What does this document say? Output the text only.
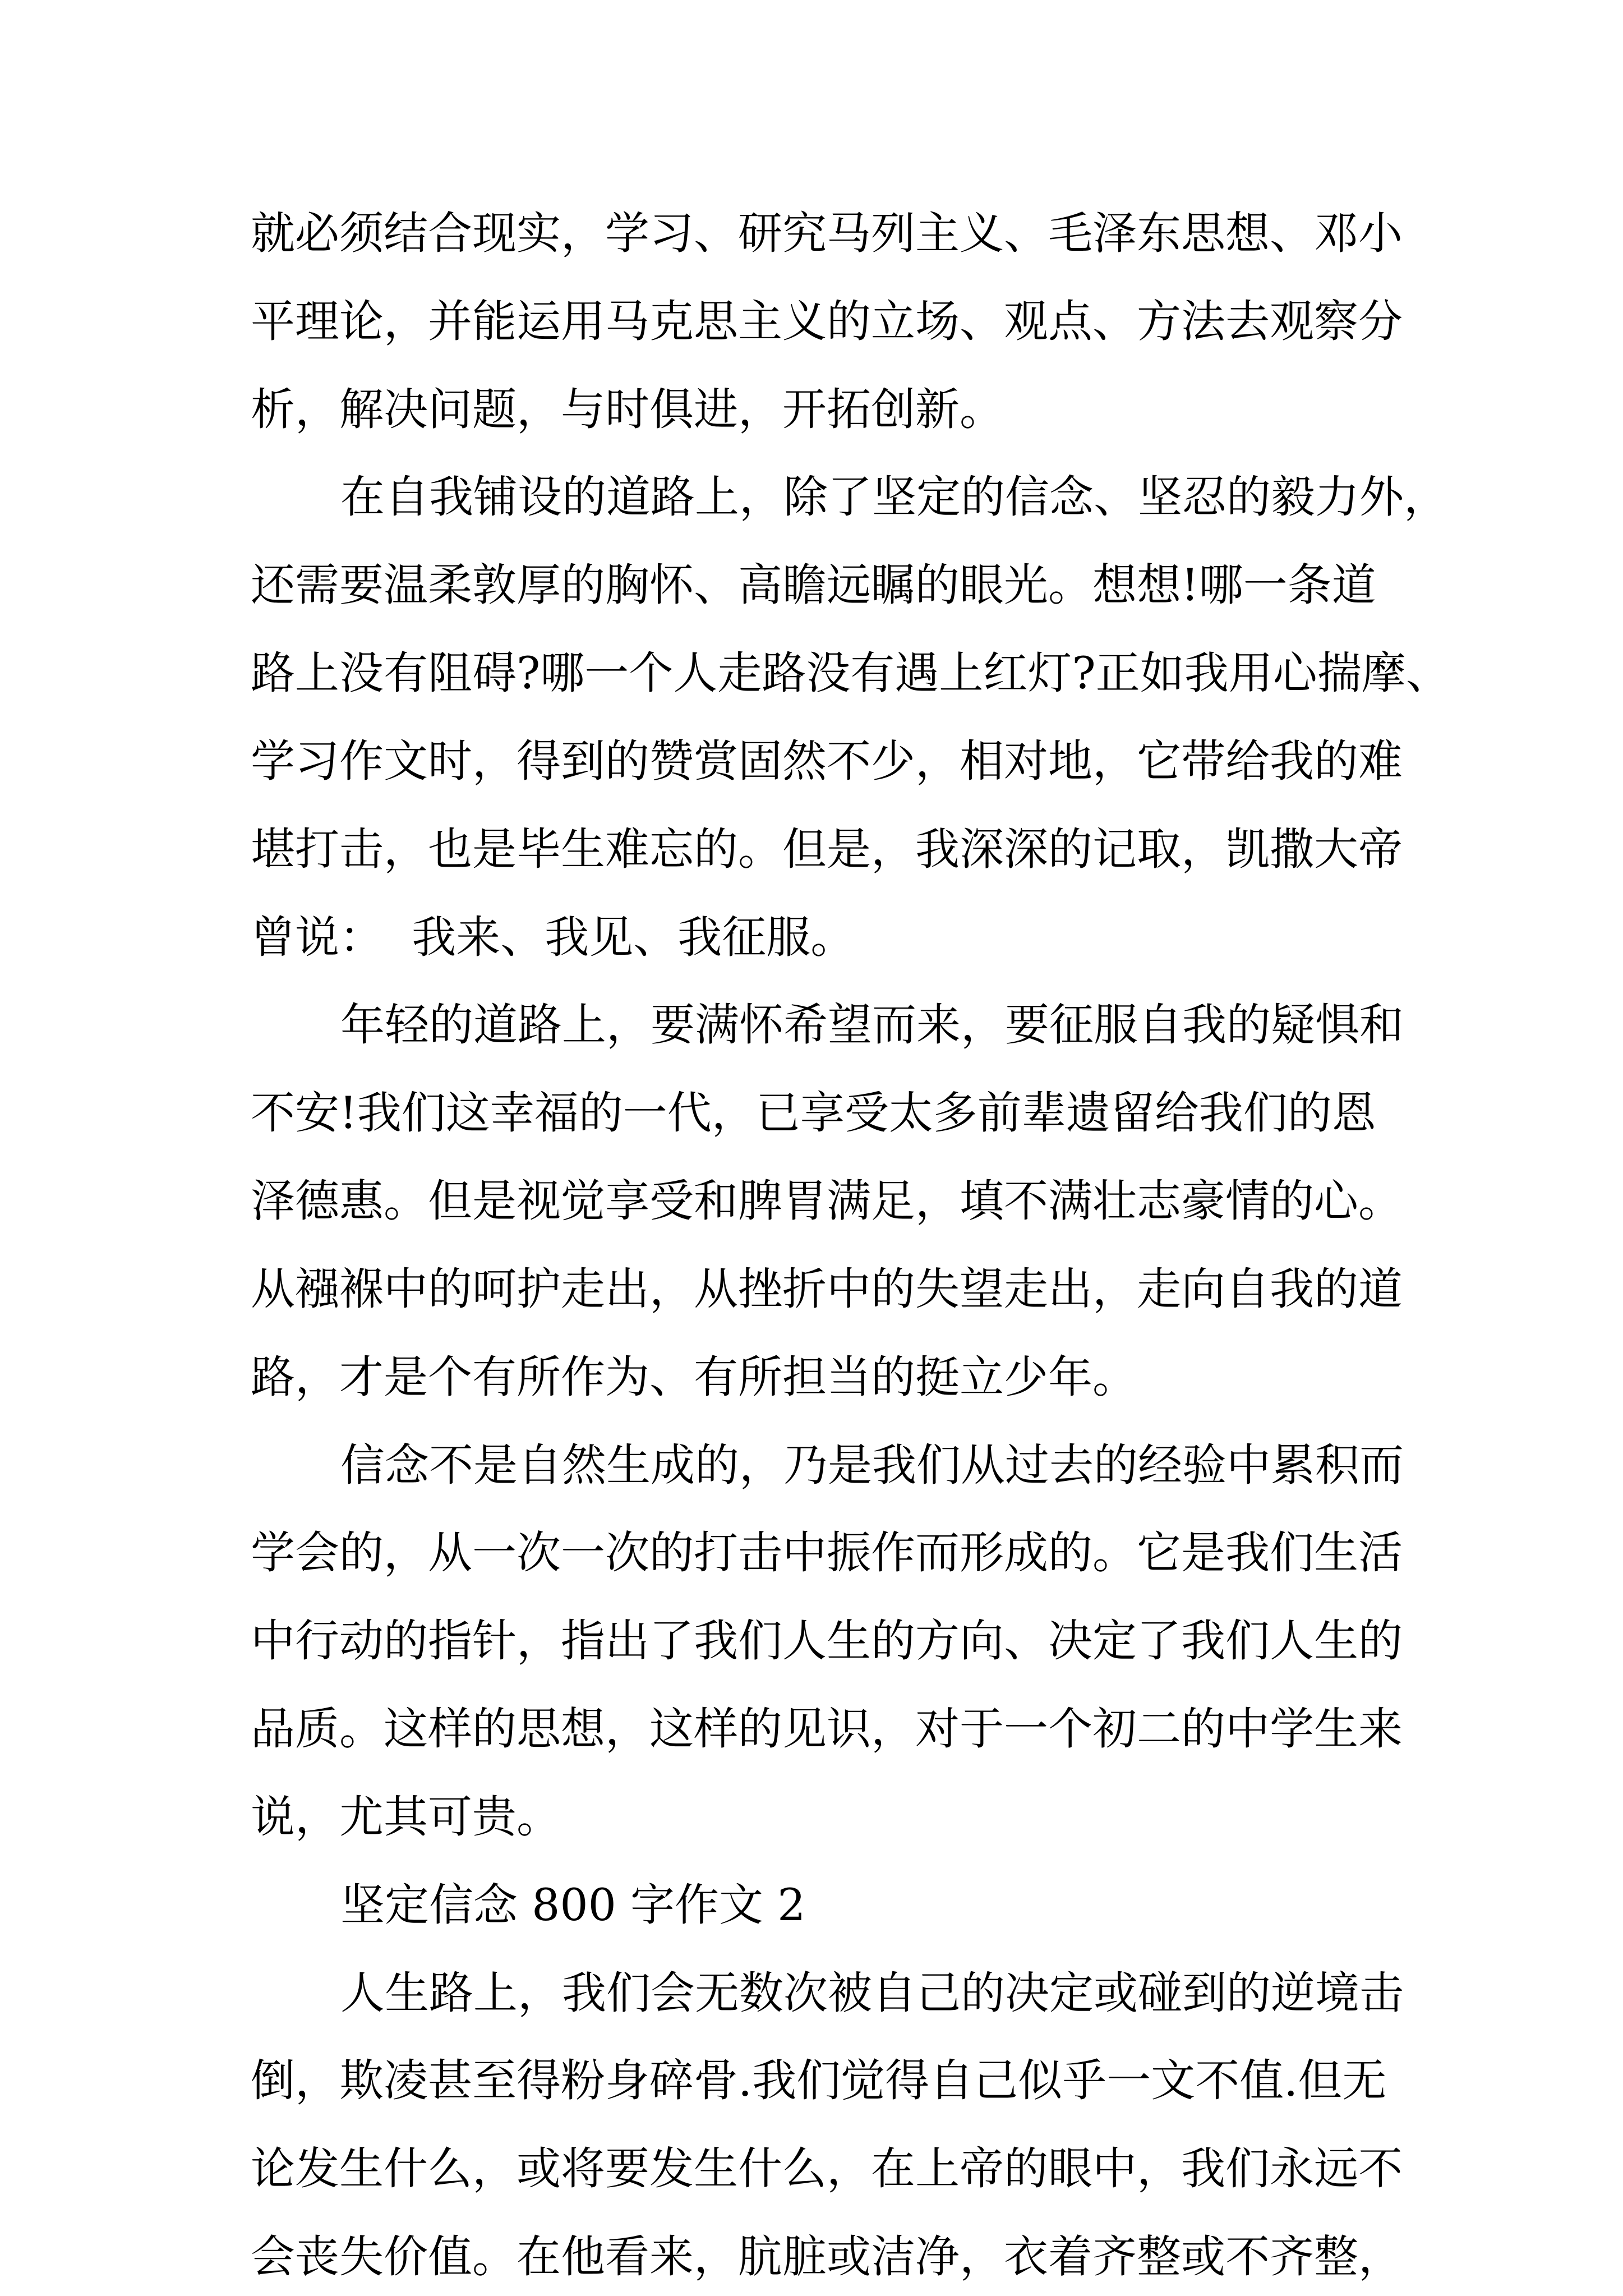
就必须结合现实，学习、研究马列主义、毛泽东思想、邓小

平理论，并能运用马克思主义的立场、观点、方法去观察分

析，解决问题，与时俱进，开拓创新。

在自我铺设的道路上，除了坚定的信念、坚忍的毅力外，

还需要温柔敦厚的胸怀、高瞻远瞩的眼光。想想!哪一条道

路上没有阻碍?哪一个人走路没有遇上红灯?正如我用心揣摩、

学习作文时，得到的赞赏固然不少，相对地，它带给我的难

堪打击，也是毕生难忘的。但是，我深深的记取，凯撒大帝

曾说：  我来、我见、我征服。

年轻的道路上，要满怀希望而来，要征服自我的疑惧和

不安!我们这幸福的一代，已享受太多前辈遗留给我们的恩

泽德惠。但是视觉享受和脾胃满足，填不满壮志豪情的心。

从襁褓中的呵护走出，从挫折中的失望走出，走向自我的道

路，才是个有所作为、有所担当的挺立少年。

信念不是自然生成的，乃是我们从过去的经验中累积而

学会的，从一次一次的打击中振作而形成的。它是我们生活

中行动的指针，指出了我们人生的方向、决定了我们人生的

品质。这样的思想，这样的见识，对于一个初二的中学生来

说，尤其可贵。

坚定信念 800 字作文 2

人生路上，我们会无数次被自己的决定或碰到的逆境击

倒，欺凌甚至得粉身碎骨.我们觉得自己似乎一文不值.但无

论发生什么，或将要发生什么，在上帝的眼中，我们永远不

会丧失价值。在他看来，肮脏或洁净，衣着齐整或不齐整，
